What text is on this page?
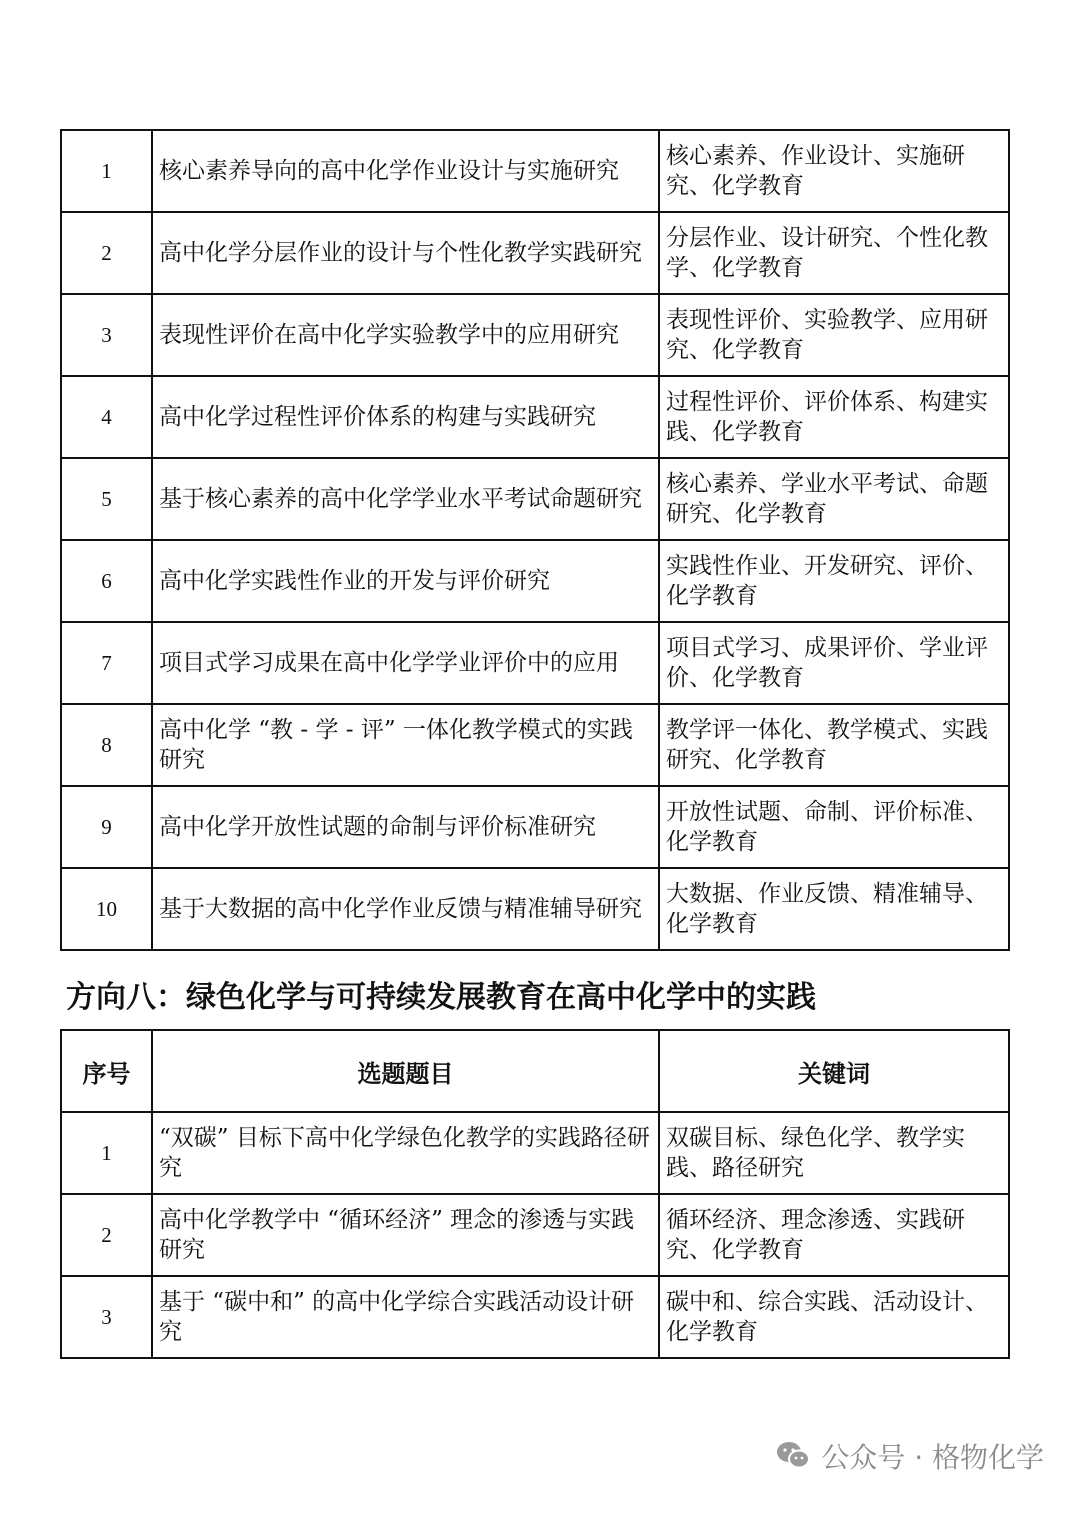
1	核心素养导向的高中化学作业设计与实施研究	核心素养、作业设计、实施研究、化学教育
2	高中化学分层作业的设计与个性化教学实践研究	分层作业、设计研究、个性化教学、化学教育
3	表现性评价在高中化学实验教学中的应用研究	表现性评价、实验教学、应用研究、化学教育
4	高中化学过程性评价体系的构建与实践研究	过程性评价、评价体系、构建实践、化学教育
5	基于核心素养的高中化学学业水平考试命题研究	核心素养、学业水平考试、命题研究、化学教育
6	高中化学实践性作业的开发与评价研究	实践性作业、开发研究、评价、化学教育
7	项目式学习成果在高中化学学业评价中的应用	项目式学习、成果评价、学业评价、化学教育
8	高中化学 “教 - 学 - 评” 一体化教学模式的实践研究	教学评一体化、教学模式、实践研究、化学教育
9	高中化学开放性试题的命制与评价标准研究	开放性试题、命制、评价标准、化学教育
10	基于大数据的高中化学作业反馈与精准辅导研究	大数据、作业反馈、精准辅导、化学教育
方向八：绿色化学与可持续发展教育在高中化学中的实践
序号	选题题目	关键词
1	“双碳” 目标下高中化学绿色化教学的实践路径研究	双碳目标、绿色化学、教学实践、路径研究
2	高中化学教学中 “循环经济” 理念的渗透与实践研究	循环经济、理念渗透、实践研究、化学教育
3	基于 “碳中和” 的高中化学综合实践活动设计研究	碳中和、综合实践、活动设计、化学教育
公众号 · 格物化学
